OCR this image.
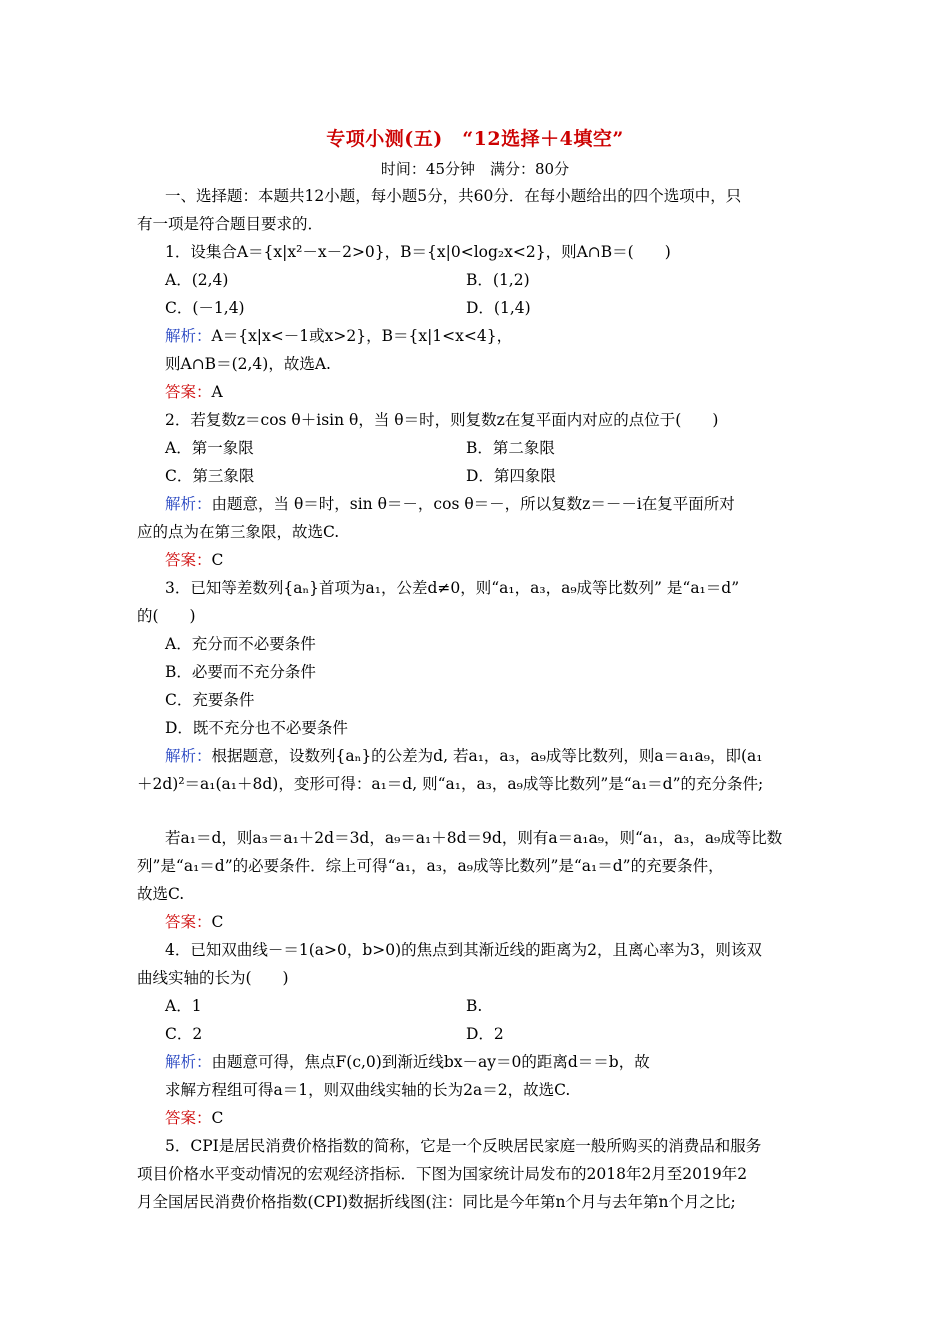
专项小测(五)　“12选择＋4填空”
时间：45分钟　满分：80分
一、选择题：本题共12小题，每小题5分，共60分．在每小题给出的四个选项中，只
有一项是符合题目要求的．
1．设集合A＝{x|x²－x－2>0}，B＝{x|0<log₂x<2}，则A∩B＝(　　)
A．(2,4)	B．(1,2)
C．(－1,4)	D．(1,4)
解析：A＝{x|x<－1或x>2}，B＝{x|1<x<4}，
则A∩B＝(2,4)，故选A.
答案：A
2．若复数z＝cos θ＋isin θ，当 θ＝时，则复数z在复平面内对应的点位于(　　)
A．第一象限	B．第二象限
C．第三象限	D．第四象限
解析：由题意，当 θ＝时，sin θ＝－，cos θ＝－，所以复数z＝－－i在复平面所对
应的点为在第三象限，故选C.
答案：C
3．已知等差数列{aₙ}首项为a₁，公差d≠0，则“a₁，a₃，a₉成等比数列” 是“a₁＝d”
的(　　)
A．充分而不必要条件
B．必要而不充分条件
C．充要条件
D．既不充分也不必要条件
解析：根据题意，设数列{aₙ}的公差为d, 若a₁，a₃，a₉成等比数列，则a＝a₁a₉，即(a₁
＋2d)²＝a₁(a₁＋8d)，变形可得：a₁＝d, 则“a₁，a₃，a₉成等比数列”是“a₁＝d”的充分条件;
若a₁＝d，则a₃＝a₁＋2d＝3d，a₉＝a₁＋8d＝9d，则有a＝a₁a₉，则“a₁，a₃，a₉成等比数
列”是“a₁＝d”的必要条件．综上可得“a₁，a₃，a₉成等比数列”是“a₁＝d”的充要条件，
故选C.
答案：C
4．已知双曲线－＝1(a>0，b>0)的焦点到其渐近线的距离为2，且离心率为3，则该双
曲线实轴的长为(　　)
A．1	B.
C．2	D．2
解析：由题意可得，焦点F(c,0)到渐近线bx－ay＝0的距离d＝＝b，故
求解方程组可得a＝1，则双曲线实轴的长为2a＝2，故选C.
答案：C
5．CPI是居民消费价格指数的简称，它是一个反映居民家庭一般所购买的消费品和服务
项目价格水平变动情况的宏观经济指标．下图为国家统计局发布的2018年2月至2019年2
月全国居民消费价格指数(CPI)数据折线图(注：同比是今年第n个月与去年第n个月之比;
